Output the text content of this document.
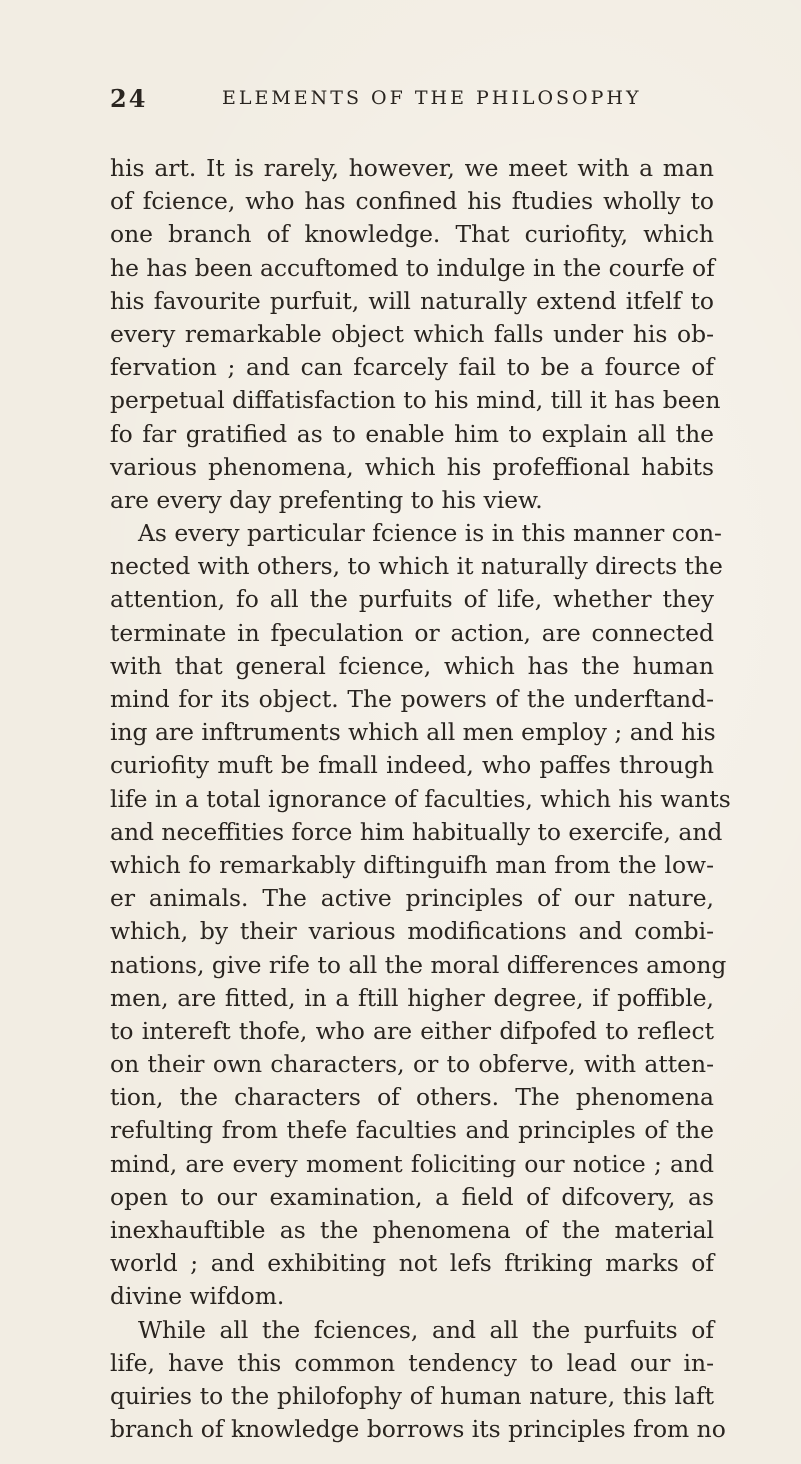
24	ELEMENTS OF THE PHILOSOPHY
his art. It is rarely, however, we meet with a man
of fcience, who has confined his ftudies wholly to
one branch of knowledge. That curiofity, which
he has been accuftomed to indulge in the courfe of
his favourite purfuit, will naturally extend itfelf to
every remarkable object which falls under his ob-
fervation ; and can fcarcely fail to be a fource of
perpetual diffatisfaction to his mind, till it has been
fo far gratified as to enable him to explain all the
various phenomena, which his profeffional habits
are every day prefenting to his view.
As every particular fcience is in this manner con-
nected with others, to which it naturally directs the
attention, fo all the purfuits of life, whether they
terminate in fpeculation or action, are connected
with that general fcience, which has the human
mind for its object. The powers of the underftand-
ing are inftruments which all men employ ; and his
curiofity muft be fmall indeed, who paffes through
life in a total ignorance of faculties, which his wants
and neceffities force him habitually to exercife, and
which fo remarkably diftinguifh man from the low-
er animals. The active principles of our nature,
which, by their various modifications and combi-
nations, give rife to all the moral differences among
men, are fitted, in a ftill higher degree, if poffible,
to intereft thofe, who are either difpofed to reflect
on their own characters, or to obferve, with atten-
tion, the characters of others. The phenomena
refulting from thefe faculties and principles of the
mind, are every moment foliciting our notice ; and
open to our examination, a field of difcovery, as
inexhauftible as the phenomena of the material
world ; and exhibiting not lefs ftriking marks of
divine wifdom.
While all the fciences, and all the purfuits of
life, have this common tendency to lead our in-
quiries to the philofophy of human nature, this laft
branch of knowledge borrows its principles from no
